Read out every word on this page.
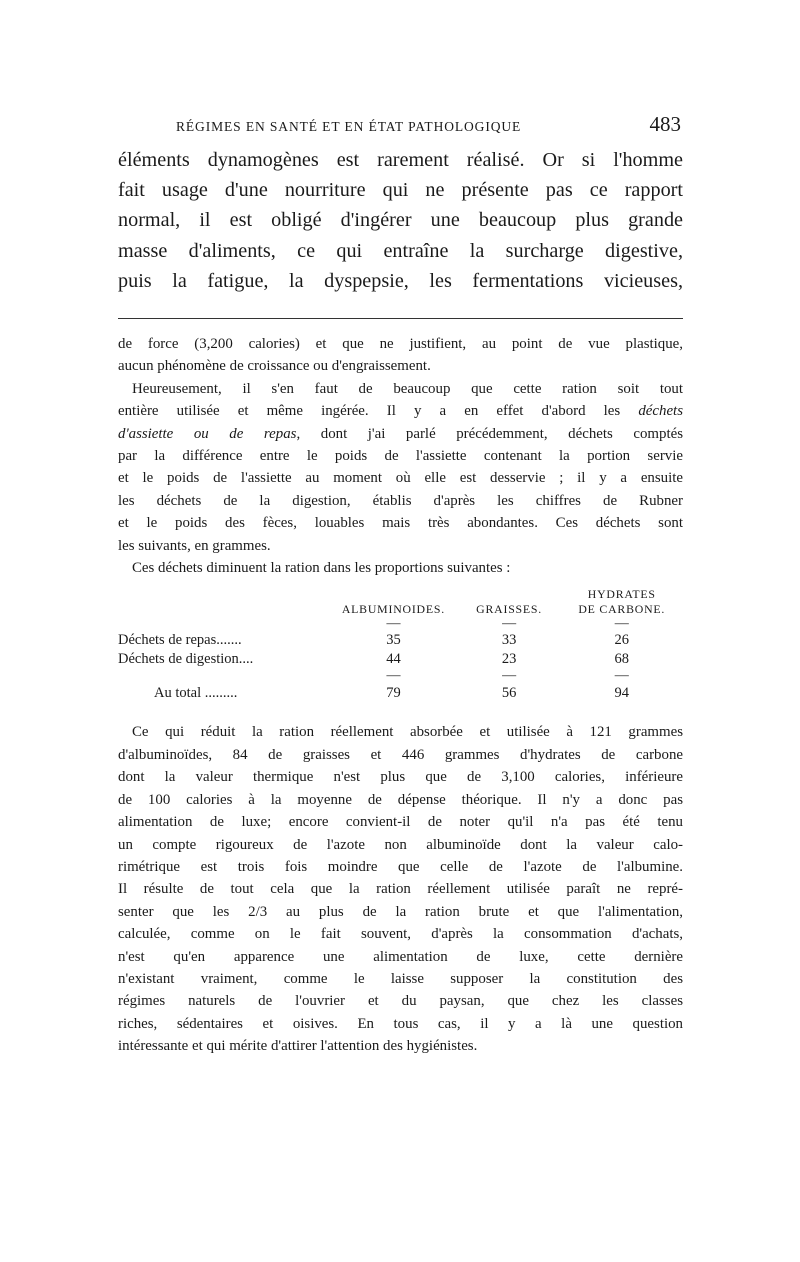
RÉGIMES EN SANTÉ ET EN ÉTAT PATHOLOGIQUE	483
éléments dynamogènes est rarement réalisé. Or si l'homme
fait usage d'une nourriture qui ne présente pas ce rapport
normal, il est obligé d'ingérer une beaucoup plus grande
masse d'aliments, ce qui entraîne la surcharge digestive,
puis la fatigue, la dyspepsie, les fermentations vicieuses,
de force (3,200 calories) et que ne justifient, au point de vue plastique,
aucun phénomène de croissance ou d'engraissement.
Heureusement, il s'en faut de beaucoup que cette ration soit tout
entière utilisée et même ingérée. Il y a en effet d'abord les déchets
d'assiette ou de repas, dont j'ai parlé précédemment, déchets comptés
par la différence entre le poids de l'assiette contenant la portion servie
et le poids de l'assiette au moment où elle est desservie ; il y a ensuite
les déchets de la digestion, établis d'après les chiffres de Rubner
et le poids des fèces, louables mais très abondantes. Ces déchets sont
les suivants, en grammes.
Ces déchets diminuent la ration dans les proportions suivantes :
			HYDRATES
	ALBUMINOIDES.	GRAISSES.	DE CARBONE.
	—	—	—
Déchets de repas.......	35	33	26
Déchets de digestion....	44	23	68
	—	—	—
Au total .........	79	56	94
Ce qui réduit la ration réellement absorbée et utilisée à 121 grammes
d'albuminoïdes, 84 de graisses et 446 grammes d'hydrates de carbone
dont la valeur thermique n'est plus que de 3,100 calories, inférieure
de 100 calories à la moyenne de dépense théorique. Il n'y a donc pas
alimentation de luxe; encore convient-il de noter qu'il n'a pas été tenu
un compte rigoureux de l'azote non albuminoïde dont la valeur calo-
rimétrique est trois fois moindre que celle de l'azote de l'albumine.
Il résulte de tout cela que la ration réellement utilisée paraît ne repré-
senter que les 2/3 au plus de la ration brute et que l'alimentation,
calculée, comme on le fait souvent, d'après la consommation d'achats,
n'est qu'en apparence une alimentation de luxe, cette dernière
n'existant vraiment, comme le laisse supposer la constitution des
régimes naturels de l'ouvrier et du paysan, que chez les classes
riches, sédentaires et oisives. En tous cas, il y a là une question
intéressante et qui mérite d'attirer l'attention des hygiénistes.
